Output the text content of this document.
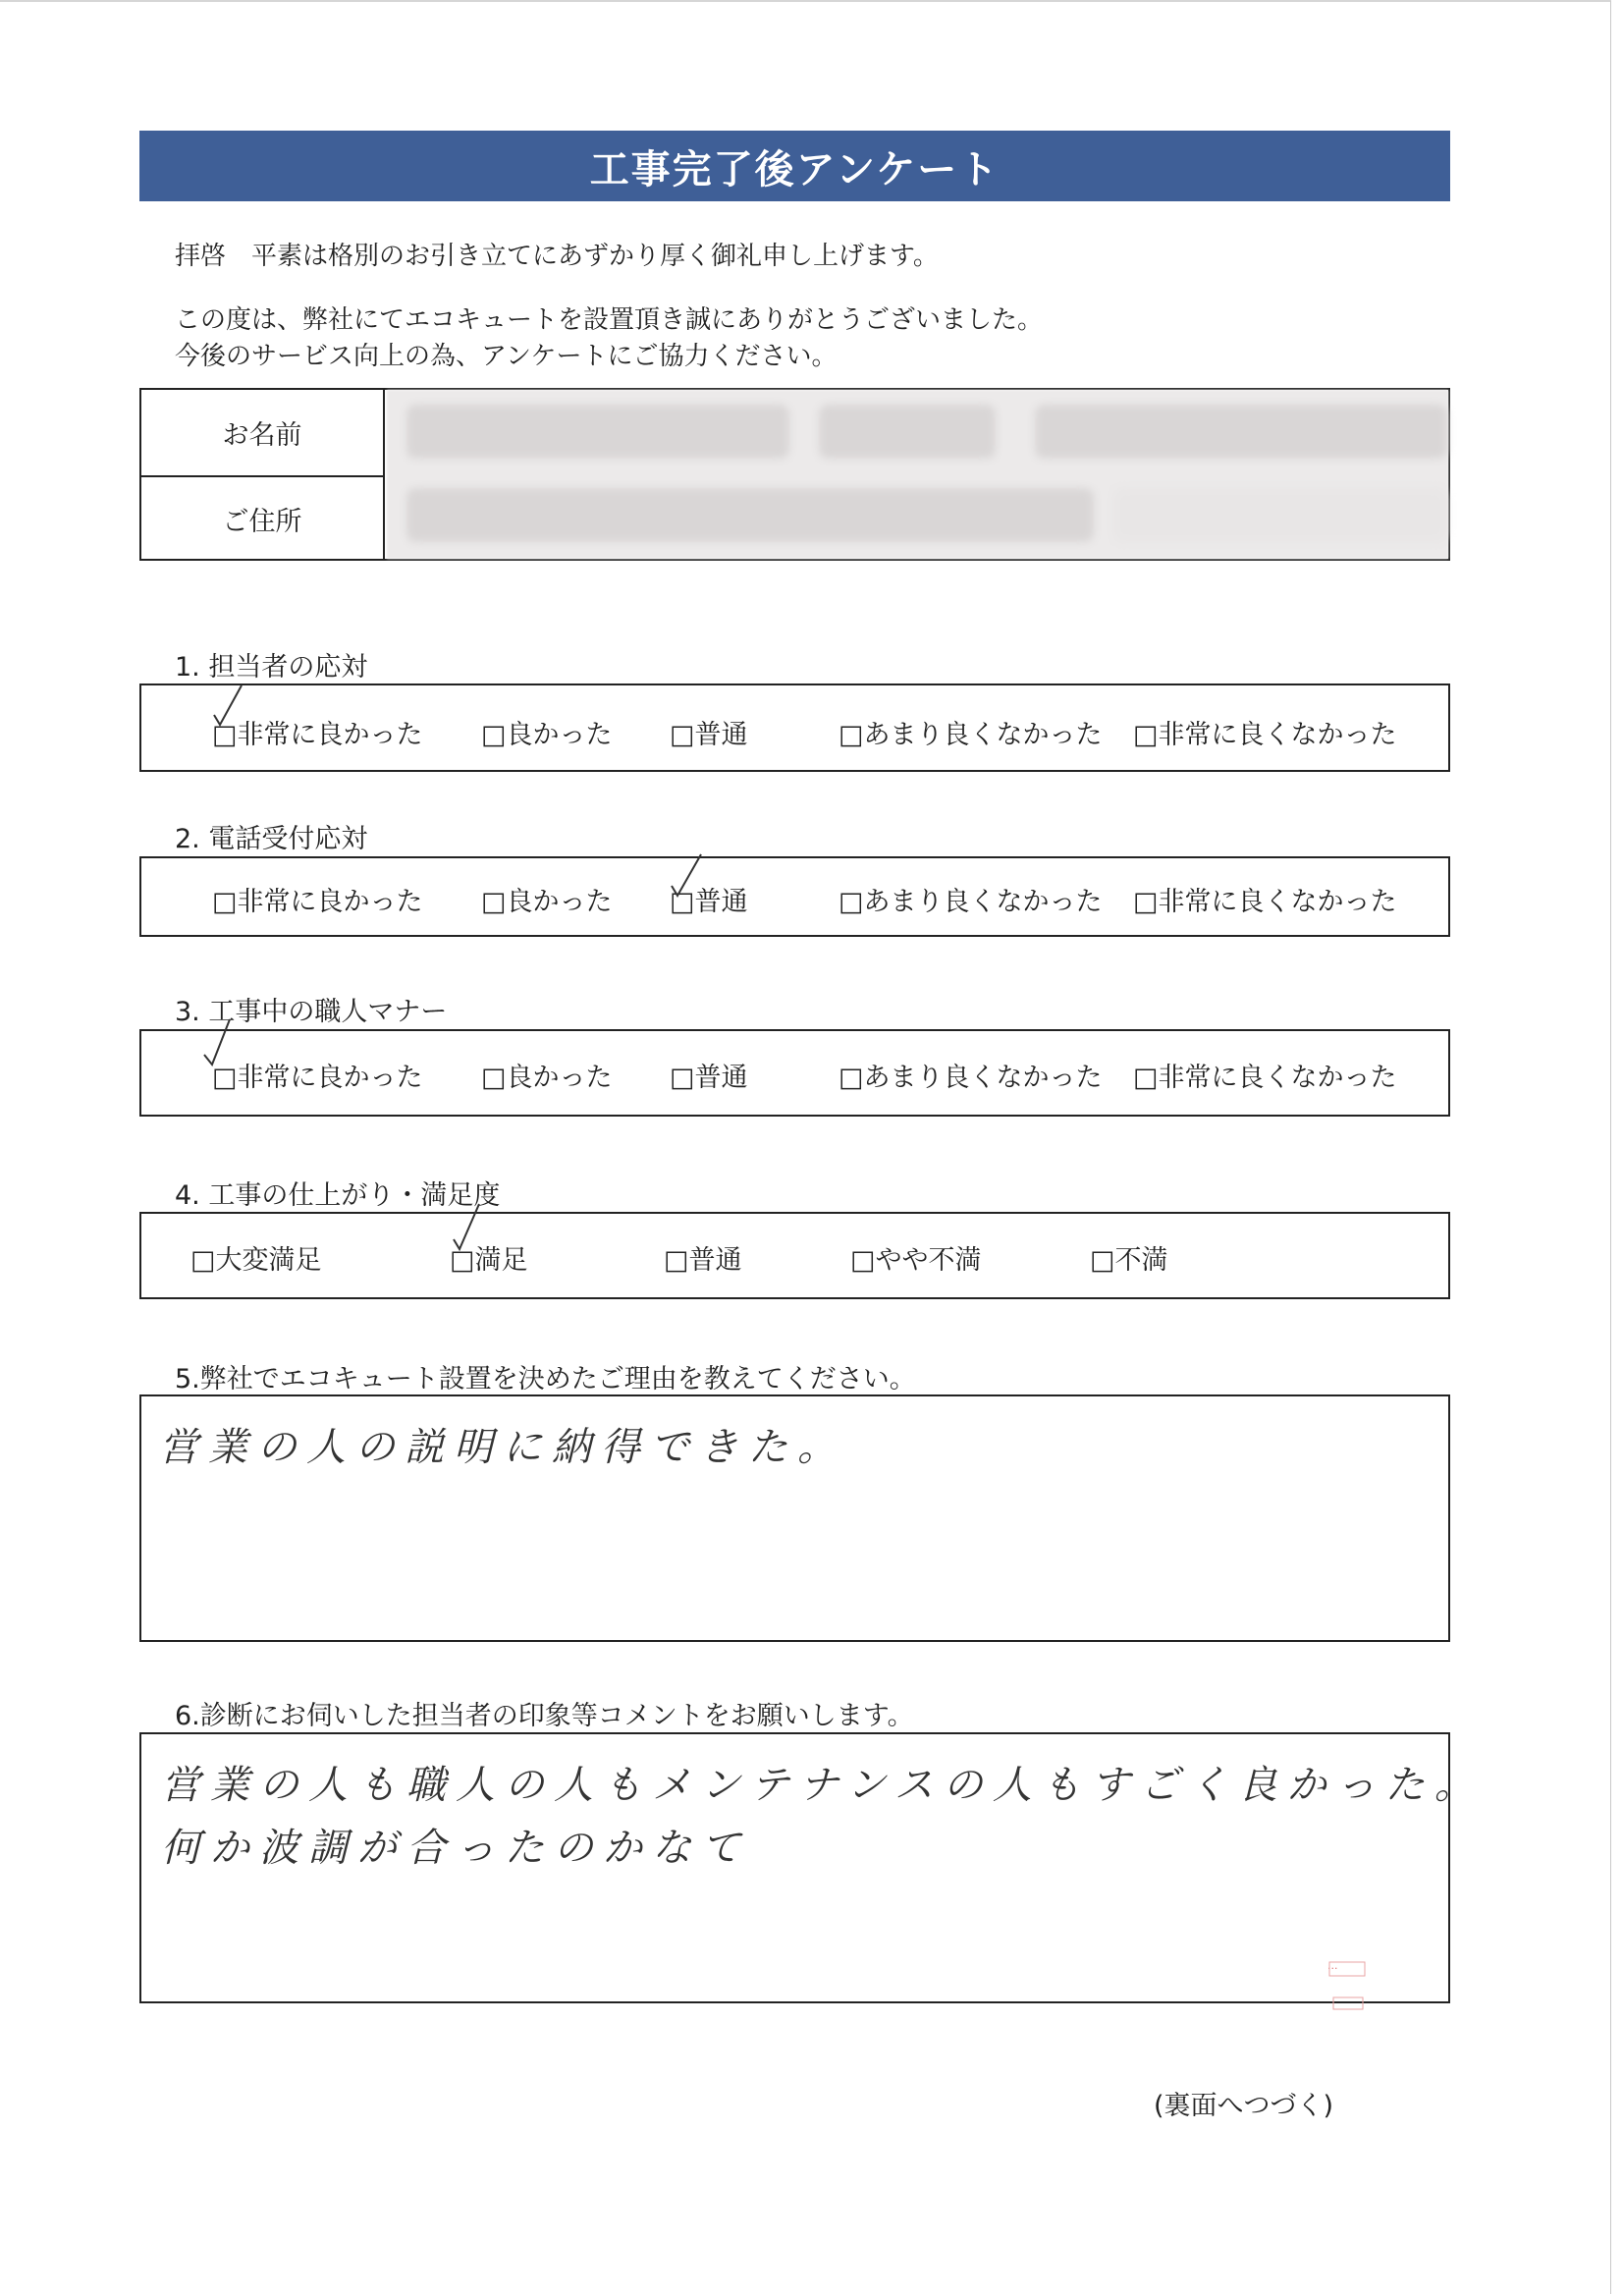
工事完了後アンケート
拝啓　平素は格別のお引き立てにあずかり厚く御礼申し上げます。
この度は、弊社にてエコキュートを設置頂き誠にありがとうございました。
今後のサービス向上の為、アンケートにご協力ください。
お名前
ご住所
1. 担当者の応対
□非常に良かった □良かった □普通	□あまり良くなかった □非常に良くなかった
2. 電話受付応対
□非常に良かった □良かった □普通	□あまり良くなかった □非常に良くなかった
3. 工事中の職人マナー
□非常に良かった □良かった □普通	□あまり良くなかった □非常に良くなかった
4. 工事の仕上がり・満足度
□大変満足	□満足	□普通	□やや不満	□不満
5.弊社でエコキュート設置を決めたご理由を教えてください。
営業の人の説明に納得できた。
6.診断にお伺いした担当者の印象等コメントをお願いします。
営業の人も職人の人もメンテナンスの人もすごく良かった。
何か波調が合ったのかなて
···
(裏面へつづく)
